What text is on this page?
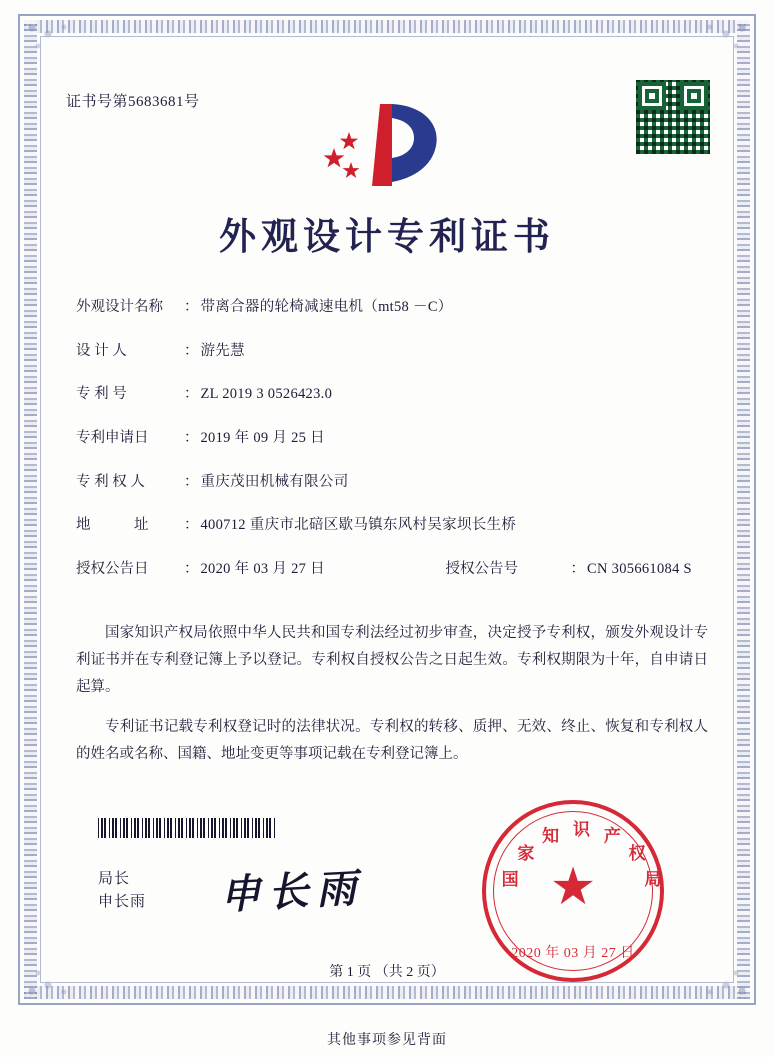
证书号第5683681号
外观设计专利证书
外观设计名称	： 带离合器的轮椅减速电机（mt58 －C）
设 计 人	： 游先慧
专 利 号	： ZL 2019 3 0526423.0
专利申请日	： 2019 年 09 月 25 日
专 利 权 人	： 重庆茂田机械有限公司
地　　　址	： 400712 重庆市北碚区歇马镇东风村吴家坝长生桥
授权公告日	： 2020 年 03 月 27 日	授权公告号	： CN 305661084 S

国家知识产权局依照中华人民共和国专利法经过初步审查，决定授予专利权，颁发外观设计专利证书并在专利登记簿上予以登记。专利权自授权公告之日起生效。专利权期限为十年，自申请日起算。

专利证书记载专利权登记时的法律状况。专利权的转移、质押、无效、终止、恢复和专利权人的姓名或名称、国籍、地址变更等事项记载在专利登记簿上。

局长
申长雨 申长雨	国
家
知 识 产
权
局
★
2020 年 03 月 27 日
第 1 页 （共 2 页）
其他事项参见背面
